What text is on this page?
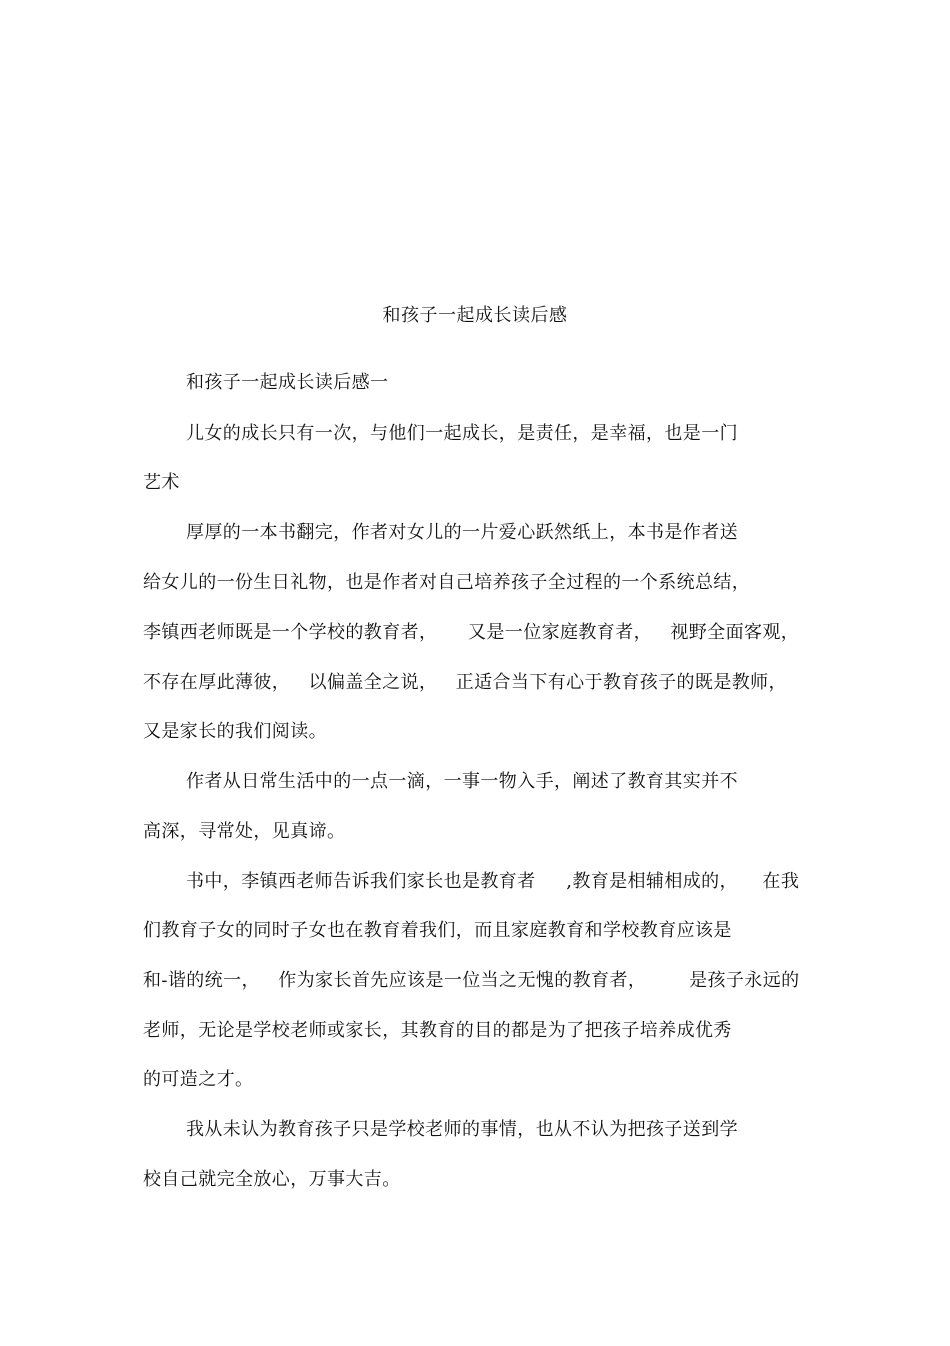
和孩子一起成长读后感
和孩子一起成长读后感一
儿女的成长只有一次，与他们一起成长，是责任，是幸福，也是一门
艺术
厚厚的一本书翻完，作者对女儿的一片爱心跃然纸上，本书是作者送
给女儿的一份生日礼物，也是作者对自己培养孩子全过程的一个系统总结，
李镇西老师既是一个学校的教育者，     又是一位家庭教育者，   视野全面客观，
不存在厚此薄彼，   以偏盖全之说，   正适合当下有心于教育孩子的既是教师，
又是家长的我们阅读。
作者从日常生活中的一点一滴，一事一物入手，阐述了教育其实并不
高深，寻常处，见真谛。
书中，李镇西老师告诉我们家长也是教育者     ,教育是相辅相成的，    在我
们教育子女的同时子女也在教育着我们，而且家庭教育和学校教育应该是
和-谐的统一，   作为家长首先应该是一位当之无愧的教育者，       是孩子永远的
老师，无论是学校老师或家长，其教育的目的都是为了把孩子培养成优秀
的可造之才。
我从未认为教育孩子只是学校老师的事情，也从不认为把孩子送到学
校自己就完全放心，万事大吉。
